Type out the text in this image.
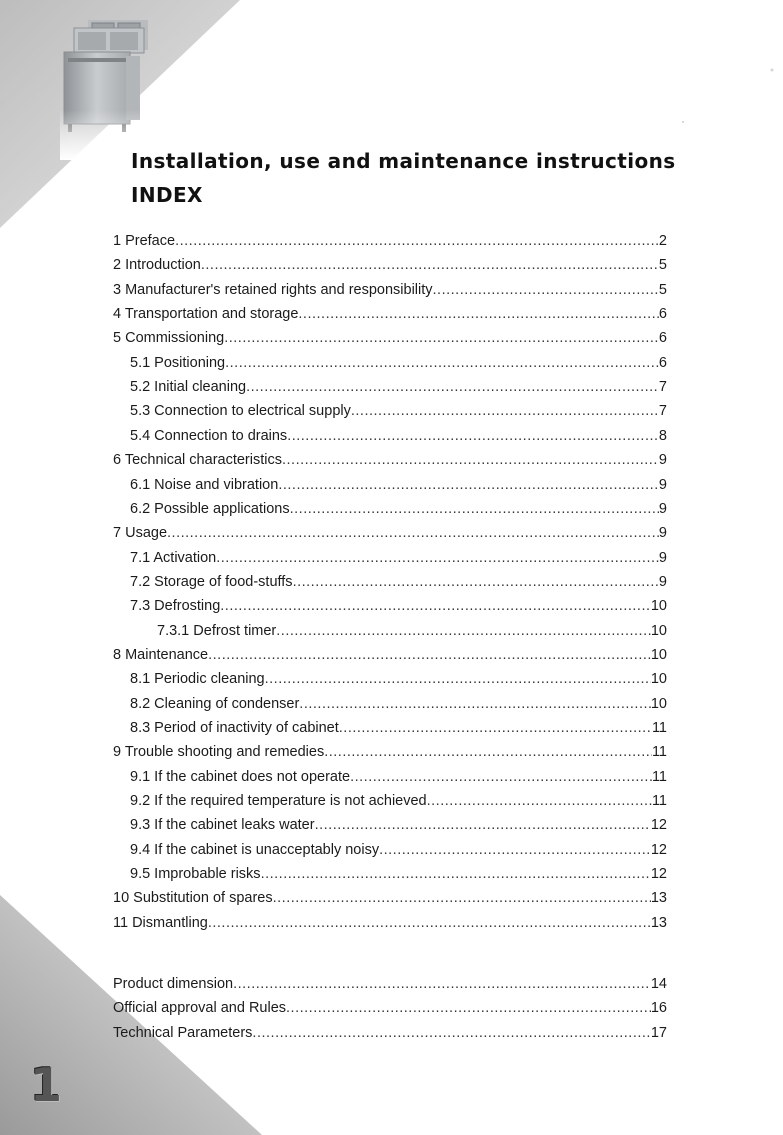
Installation, use and maintenance instructions
INDEX
1 Preface .....	2
2 Introduction .....	5
3 Manufacturer's retained rights and responsibility .....	5
4 Transportation and storage .....	6
5 Commissioning .....	6
5.1 Positioning .....	6
5.2 Initial cleaning .....	7
5.3 Connection to electrical supply .....	7
5.4 Connection to drains .....	8
6 Technical characteristics .....	9
6.1 Noise and vibration .....	9
6.2 Possible applications .....	9
7 Usage .....	9
7.1 Activation .....	9
7.2 Storage of food-stuffs .....	9
7.3 Defrosting .....	10
7.3.1 Defrost timer .....	10
8 Maintenance .....	10
8.1 Periodic cleaning .....	10
8.2 Cleaning of condenser .....	10
8.3 Period of inactivity of cabinet .....	11
9 Trouble shooting and remedies .....	11
9.1 If the cabinet does not operate .....	11
9.2 If the required temperature is not achieved .....	11
9.3 If the cabinet leaks water .....	12
9.4 If the cabinet is unacceptably noisy .....	12
9.5 Improbable risks .....	12
10 Substitution of spares .....	13
11 Dismantling .....	13
Product dimension .....	14
Official approval and Rules .....	16
Technical Parameters .....	17
1
